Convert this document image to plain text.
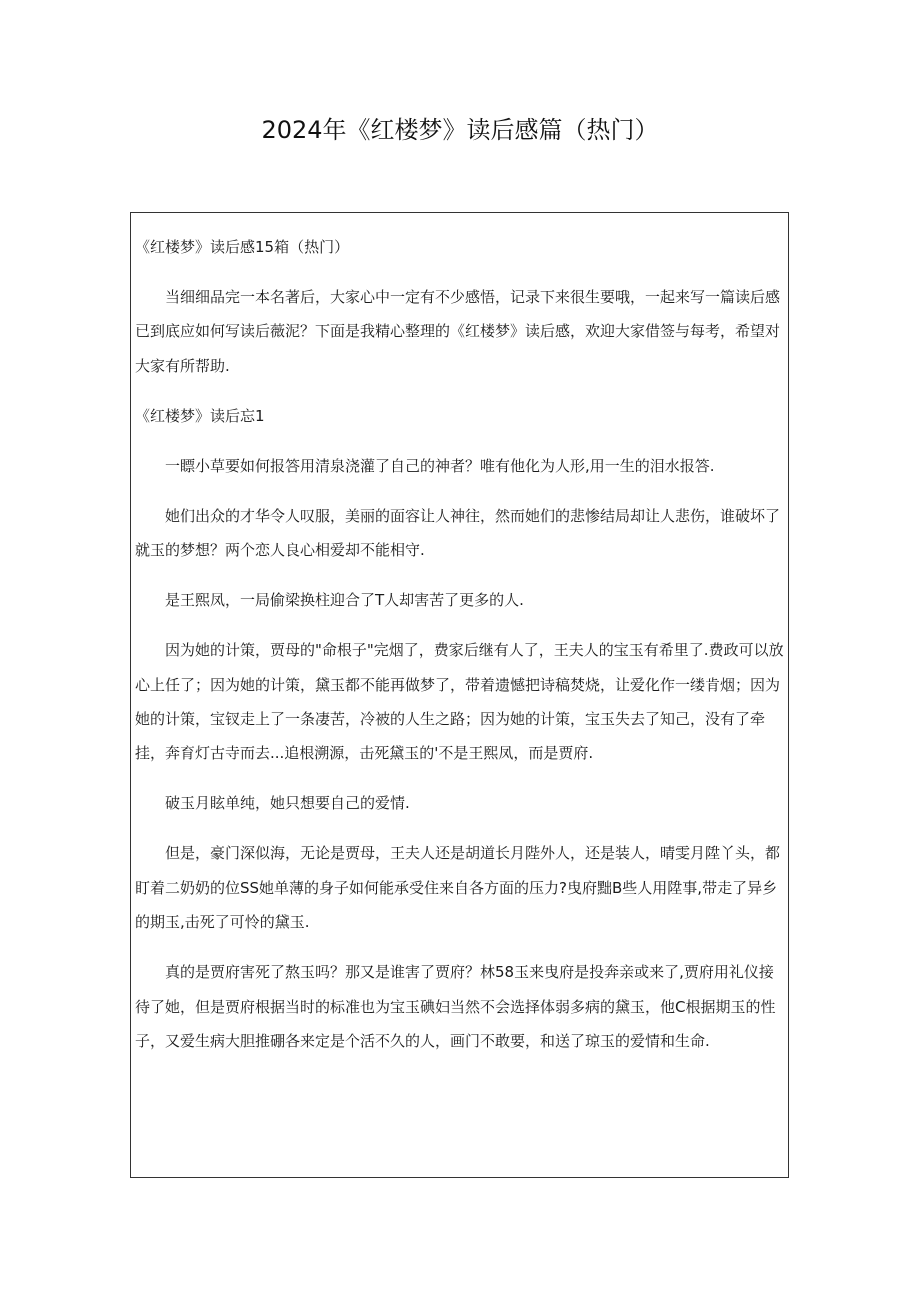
2024年《红楼梦》读后感篇（热门）

《红楼梦》读后感15箱（热门）

当细细品完一本名著后，大家心中一定有不少感悟，记录下来很生要哦，一起来写一篇读后感已到底应如何写读后薇泥？下面是我精心整理的《红楼梦》读后感，欢迎大家借签与每考，希望对大家有所帮助.

《红楼梦》读后忘1

一瞟小草要如何报答用清泉浇灌了自己的神者？唯有他化为人形,用一生的泪水报答.

她们出众的才华令人叹服，美丽的面容让人神往，然而她们的悲惨结局却让人悲伤，谁破坏了就玉的梦想？两个恋人良心相爱却不能相守.

是王熙凤，一局偷梁换柱迎合了T人却害苦了更多的人.

因为她的计策，贾母的"命根子"完烟了，费家后继有人了，王夫人的宝玉有希里了.费政可以放心上任了；因为她的计策，黛玉都不能再做梦了，带着遗憾把诗稿焚烧，让爱化作一缕肯烟；因为她的计策，宝钗走上了一条凄苦，冷被的人生之路；因为她的计策，宝玉失去了知己，没有了牵挂，奔育灯古寺而去...追根溯源，击死黛玉的'不是王熙凤，而是贾府.

破玉月眩单纯，她只想要自己的爱情.

但是，豪门深似海，无论是贾母，王夫人还是胡道长月陛外人，还是装人，晴雯月陞丫头，都盯着二奶奶的位SS她单薄的身子如何能承受住来自各方面的压力?曳府黜B些人用陞事,带走了异乡的期玉,击死了可怜的黛玉.

真的是贾府害死了熬玉吗？那又是谁害了贾府？林58玉来曳府是投奔亲或来了,贾府用礼仪接待了她，但是贾府根据当时的标准也为宝玉碘妇当然不会选择体弱多病的黛玉，他C根据期玉的性子，又爱生病大胆推硼各来定是个活不久的人，画门不敢要，和送了琼玉的爱情和生命.
